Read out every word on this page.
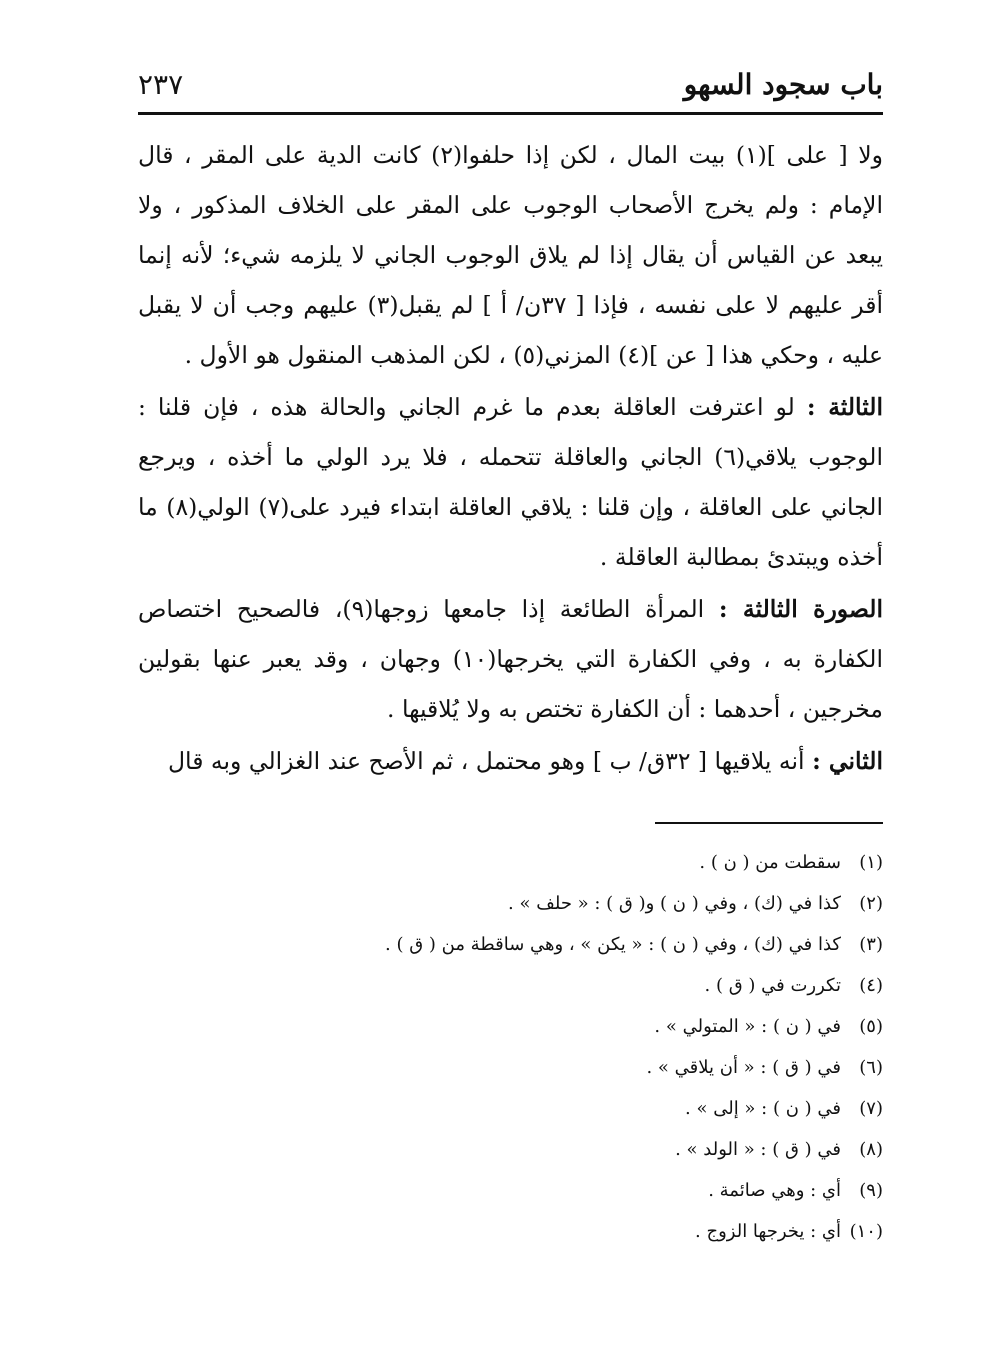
باب سجود السهو
٢٣٧

ولا [ على ](١) بيت المال ، لكن إذا حلفوا(٢) كانت الدية على المقر ، قال الإمام : ولم يخرج الأصحاب الوجوب على المقر على الخلاف المذكور ، ولا يبعد عن القياس أن يقال إذا لم يلاق الوجوب الجاني لا يلزمه شيء؛ لأنه إنما أقر عليهم لا على نفسه ، فإذا [ ٣٧ن/ أ ] لم يقبل(٣) عليهم وجب أن لا يقبل عليه ، وحكي هذا [ عن ](٤) المزني(٥) ، لكن المذهب المنقول هو الأول .

الثالثة : لو اعترفت العاقلة بعدم ما غرم الجاني والحالة هذه ، فإن قلنا : الوجوب يلاقي(٦) الجاني والعاقلة تتحمله ، فلا يرد الولي ما أخذه ، ويرجع الجاني على العاقلة ، وإن قلنا : يلاقي العاقلة ابتداء فيرد على(٧) الولي(٨) ما أخذه ويبتدئ بمطالبة العاقلة .

الصورة الثالثة : المرأة الطائعة إذا جامعها زوجها(٩)، فالصحيح اختصاص الكفارة به ، وفي الكفارة التي يخرجها(١٠) وجهان ، وقد يعبر عنها بقولين مخرجين ، أحدهما : أن الكفارة تختص به ولا يُلاقيها .

الثاني : أنه يلاقيها [ ٣٢ق/ ب ] وهو محتمل ، ثم الأصح عند الغزالي وبه قال

(١)سقطت من ( ن ) .
(٢)كذا في (ك) ، وفي ( ن ) و( ق ) : « حلف » .
(٣)كذا في (ك) ، وفي ( ن ) : « يكن » ، وهي ساقطة من ( ق ) .
(٤)تكررت في ( ق ) .
(٥)في ( ن ) : « المتولي » .
(٦)في ( ق ) : « أن يلاقي » .
(٧)في ( ن ) : « إلى » .
(٨)في ( ق ) : « الولد » .
(٩)أي : وهي صائمة .
(١٠)أي : يخرجها الزوج .
